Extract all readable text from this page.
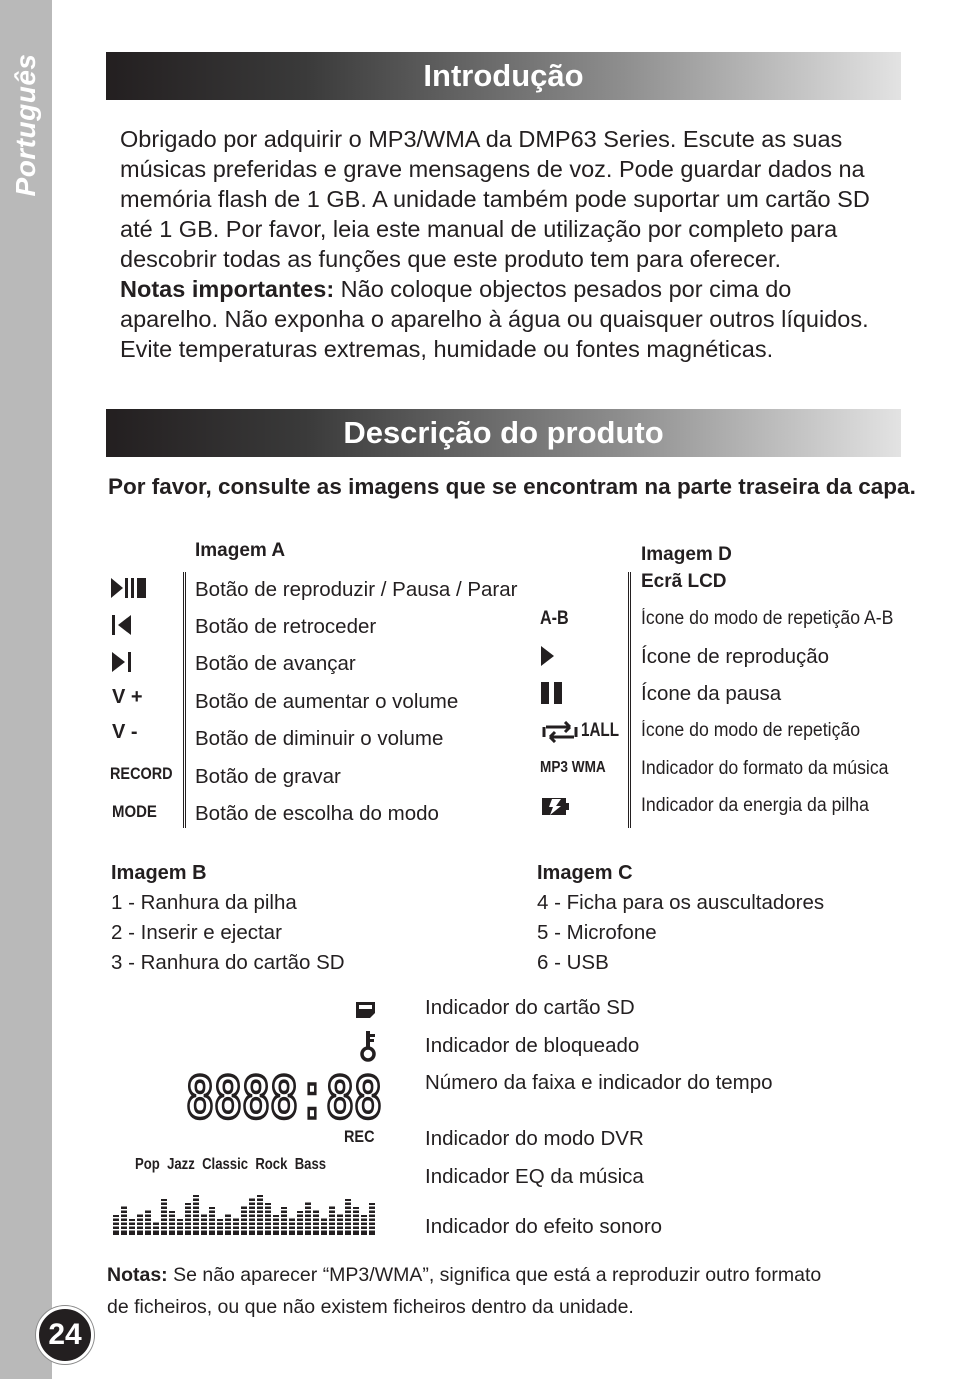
Português
24
Introdução
Obrigado por adquirir o MP3/WMA da DMP63 Series. Escute as suas
músicas preferidas e grave mensagens de voz. Pode guardar dados na
memória flash de 1 GB. A unidade também pode suportar um cartão SD
até 1 GB. Por favor, leia este manual de utilização por completo para
descobrir todas as funções que este produto tem para oferecer.
Notas importantes: Não coloque objectos pesados por cima do
aparelho. Não exponha o aparelho à água ou quaisquer outros líquidos.
Evite temperaturas extremas, humidade ou fontes magnéticas.
Descrição do produto
Por favor, consulte as imagens que se encontram na parte traseira da capa.
Imagem A
V +
V -
RECORD
MODE
Botão de reproduzir / Pausa / Parar
Botão de retroceder
Botão de avançar
Botão de aumentar o volume
Botão de diminuir o volume
Botão de gravar
Botão de escolha do modo
Imagem D
Ecrã LCD
A-B
1ALL
MP3 WMA
Ícone do modo de repetição A-B
Ícone de reprodução
Ícone da pausa
Ícone do modo de repetição
Indicador do formato da música
Indicador da energia da pilha
Imagem B
1 - Ranhura da pilha
2 - Inserir e ejectar
3 - Ranhura do cartão SD
Imagem C
4 - Ficha para os auscultadores
5 - Microfone
6 - USB
8888:88
REC
Pop Jazz Classic Rock Bass
Indicador do cartão SD
Indicador de bloqueado
Número da faixa e indicador do tempo
Indicador do modo DVR
Indicador EQ da música
Indicador do efeito sonoro
Notas: Se não aparecer “MP3/WMA”, significa que está a reproduzir outro formato
de ficheiros, ou que não existem ficheiros dentro da unidade.
